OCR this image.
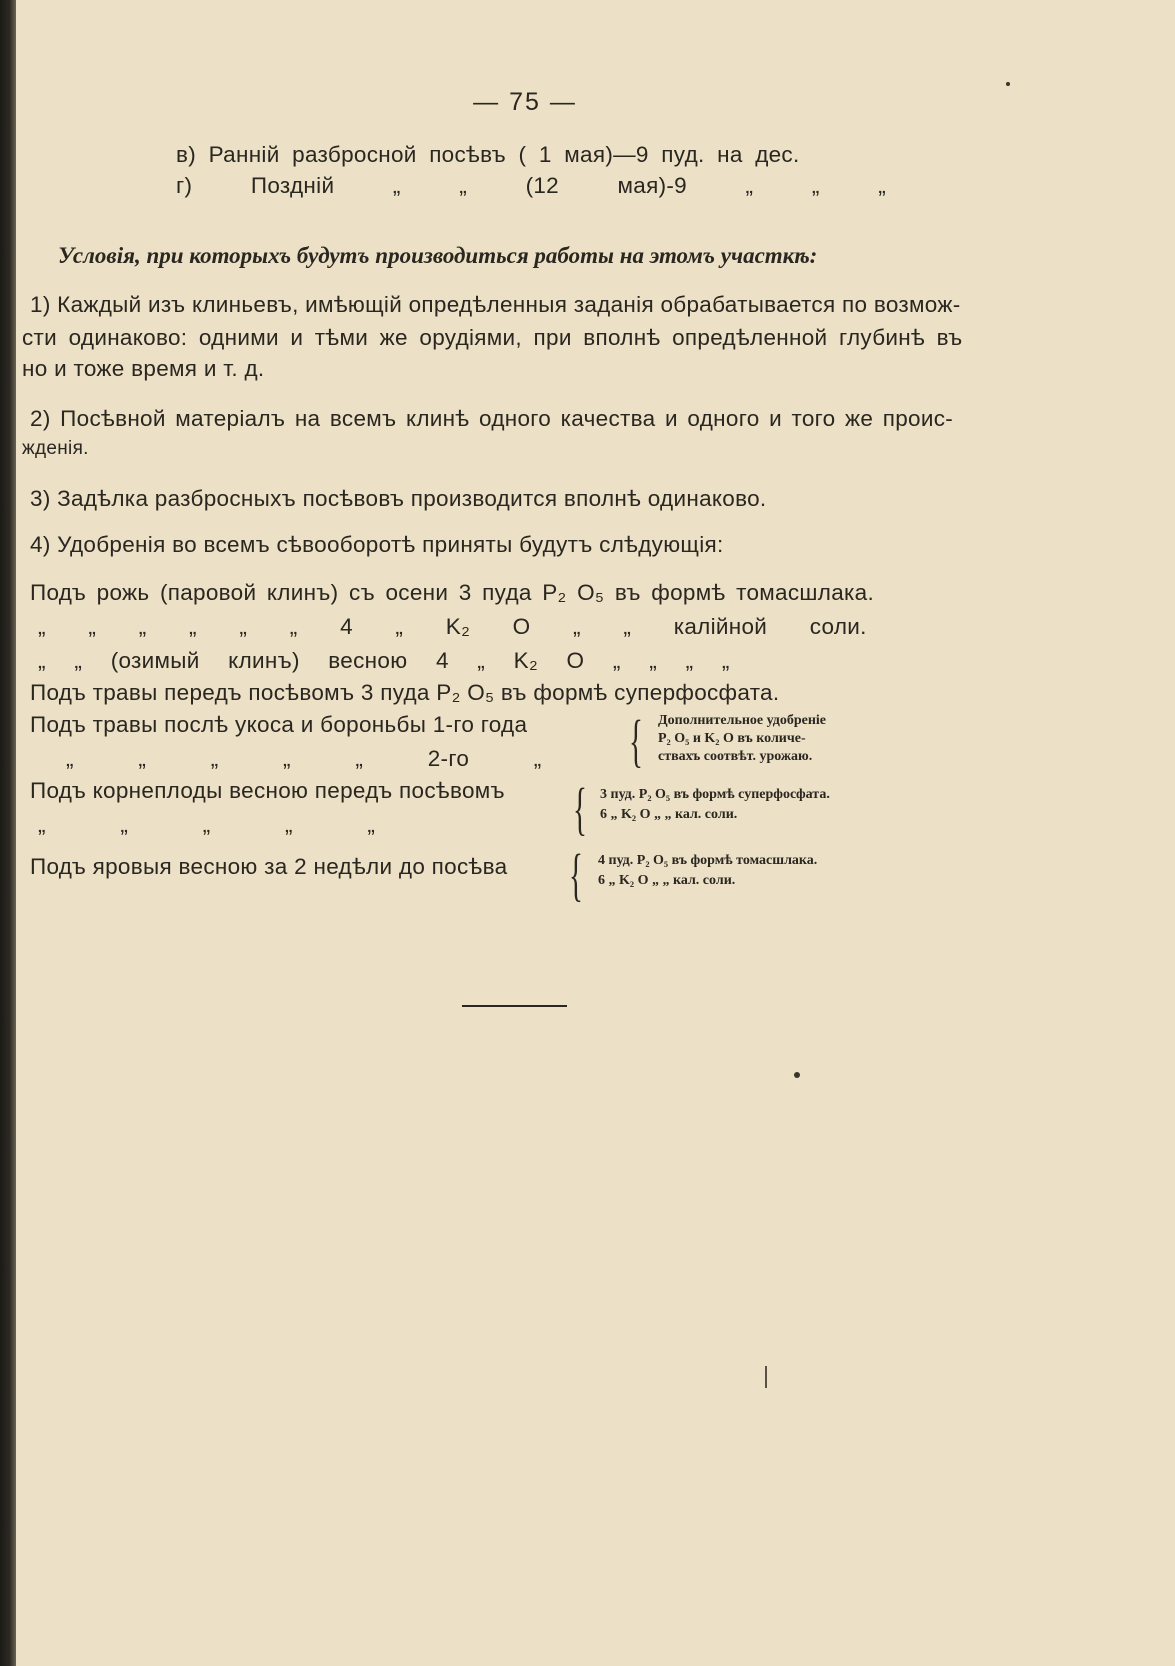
— 75 —
в) Раннiй разбросной посѣвъ ( 1 мая)—9 пуд. на дес.
г) Позднiй „ „ (12 мая)-9 „ „ „
Условiя, при которыхъ будутъ производиться работы на этомъ участкѣ:
1) Каждый изъ клиньевъ, имѣющiй опредѣленныя заданiя обрабатывается по возмож-
сти одинаково: одними и тѣми же орудiями, при вполнѣ опредѣленной глубинѣ въ
но и тоже время и т. д.
2) Посѣвной матерiалъ на всемъ клинѣ одного качества и одного и того же проис-
жденiя.
3) Задѣлка разбросныхъ посѣвовъ производится вполнѣ одинаково.
4) Удобренiя во всемъ сѣвооборотѣ приняты будутъ слѣдующiя:
Подъ рожь (паровой клинъ) съ осени 3 пуда P₂ O₅ въ формѣ томасшлака.
„ „ „ „ „ „ 4 „ K₂ O „ „ калiйной соли.
„ „ (озимый клинъ) весною 4 „ K₂ O „ „ „ „
Подъ травы передъ посѣвомъ 3 пуда P₂ O₅ въ формѣ суперфосфата.
Подъ травы послѣ укоса и бороньбы 1-го года
„ „ „ „ „ 2-го „ { Дополнительное удобренiе
P₂ O₅ и K₂ O въ количе-
ствахъ соотвѣт. урожаю.
Подъ корнеплоды весною передъ посѣвомъ
„ „ „ „ „	{ 3 пуд. P₂ O₅ въ формѣ суперфосфата.
6 „ K₂ O „ „ кал. соли.
Подъ яровыя весною за 2 недѣли до посѣва { 4 пуд. P₂ O₅ въ формѣ томасшлака.
6 „ K₂ O „ „ кал. соли.
